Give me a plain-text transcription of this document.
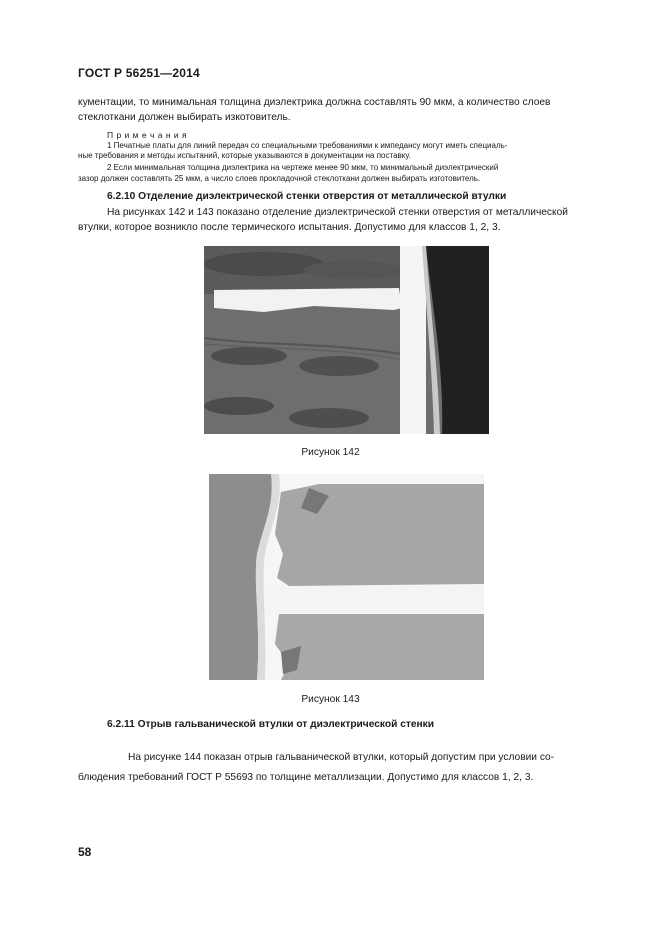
ГОСТ Р 56251—2014
кументации, то минимальная толщина диэлектрика должна составлять 90 мкм, а количество слоев
стеклоткани должен выбирать изкотовитель.
П р и м е ч а н и я
1 Печатные платы для линий передач со специальными требованиями к импедансу могут иметь специаль-
ные требования и методы испытаний, которые указываются в документации на поставку.
2 Если минимальная толщина диэлектрика на чертеже менее 90 мкм, то минимальный диэлектрический
зазор должен составлять 25 мкм, а число слоев прокладочной стеклоткани должен выбирать изготовитель.
6.2.10 Отделение диэлектрической стенки отверстия от металлической втулки
На рисунках 142 и 143 показано отделение диэлектрической стенки отверстия от металлической
втулки, которое возникло после термического испытания. Допустимо для классов 1, 2, 3.
Рисунок 142
Рисунок 143
6.2.11 Отрыв гальванической втулки от диэлектрической стенки
На рисунке 144 показан отрыв гальванической втулки, который допустим при условии со-
блюдения требований ГОСТ Р 55693 по толщине металлизации. Допустимо для классов 1, 2, 3.
58
